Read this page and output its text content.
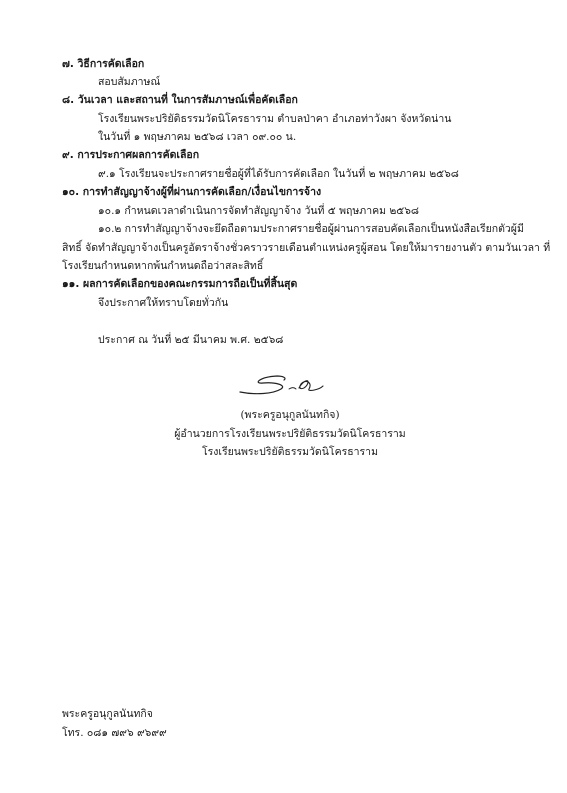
๗. วิธีการคัดเลือก
สอบสัมภาษณ์
๘. วันเวลา และสถานที่ ในการสัมภาษณ์เพื่อคัดเลือก
โรงเรียนพระปริยัติธรรมวัดนิโครธาราม ตำบลป่าคา อำเภอท่าวังผา จังหวัดน่าน
ในวันที่ ๑ พฤษภาคม ๒๕๖๘ เวลา ๐๙.๐๐ น.
๙. การประกาศผลการคัดเลือก
๙.๑ โรงเรียนจะประกาศรายชื่อผู้ที่ได้รับการคัดเลือก ในวันที่ ๒ พฤษภาคม ๒๕๖๘
๑๐. การทำสัญญาจ้างผู้ที่ผ่านการคัดเลือก/เงื่อนไขการจ้าง
๑๐.๑ กำหนดเวลาดำเนินการจัดทำสัญญาจ้าง วันที่ ๕ พฤษภาคม ๒๕๖๘
๑๐.๒ การทำสัญญาจ้างจะยึดถือตามประกาศรายชื่อผู้ผ่านการสอบคัดเลือกเป็นหนังสือเรียกตัวผู้มี
สิทธิ์ จัดทำสัญญาจ้างเป็นครูอัตราจ้างชั่วคราวรายเดือนตำแหน่งครูผู้สอน โดยให้มารายงานตัว ตามวันเวลา ที่
โรงเรียนกำหนดหากพ้นกำหนดถือว่าสละสิทธิ์
๑๑. ผลการคัดเลือกของคณะกรรมการถือเป็นที่สิ้นสุด
จึงประกาศให้ทราบโดยทั่วกัน
ประกาศ ณ วันที่ ๒๕ มีนาคม พ.ศ. ๒๕๖๘
(พระครูอนุกูลนันทกิจ)
ผู้อำนวยการโรงเรียนพระปริยัติธรรมวัดนิโครธาราม
โรงเรียนพระปริยัติธรรมวัดนิโครธาราม
พระครูอนุกูลนันทกิจ
โทร. ๐๘๑ ๗๙๖ ๙๖๙๙
